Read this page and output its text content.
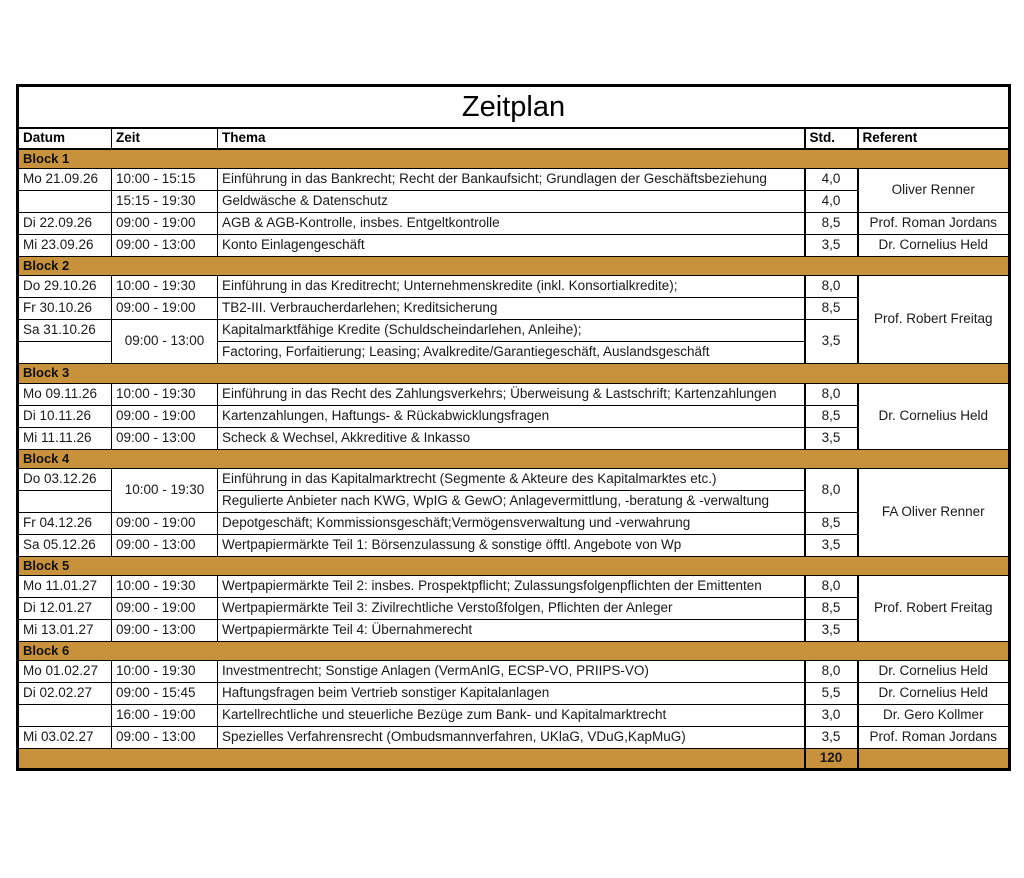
Zeitplan				
Datum	Zeit	Thema	Std.	Referent
Block 1				
Mo 21.09.26	10:00 - 15:15	Einführung in das Bankrecht; Recht der Bankaufsicht; Grundlagen der Geschäftsbeziehung	4,0	Oliver Renner
	15:15 - 19:30	Geldwäsche & Datenschutz	4,0	
Di 22.09.26	09:00 - 19:00	AGB & AGB-Kontrolle, insbes. Entgeltkontrolle	8,5	Prof. Roman Jordans
Mi 23.09.26	09:00 - 13:00	Konto Einlagengeschäft	3,5	Dr. Cornelius Held
Block 2				
Do 29.10.26	10:00 - 19:30	Einführung in das Kreditrecht; Unternehmenskredite (inkl. Konsortialkredite);	8,0	Prof. Robert Freitag
Fr 30.10.26	09:00 - 19:00	TB2-III. Verbraucherdarlehen; Kreditsicherung	8,5	
Sa 31.10.26	09:00 - 13:00	Kapitalmarktfähige Kredite (Schuldscheindarlehen, Anleihe);	3,5	
		Factoring, Forfaitierung; Leasing; Avalkredite/Garantiegeschäft, Auslandsgeschäft		
Block 3				
Mo 09.11.26	10:00 - 19:30	Einführung in das Recht des Zahlungsverkehrs; Überweisung & Lastschrift; Kartenzahlungen	8,0	Dr. Cornelius Held
Di 10.11.26	09:00 - 19:00	Kartenzahlungen, Haftungs- & Rückabwicklungsfragen	8,5	
Mi 11.11.26	09:00 - 13:00	Scheck & Wechsel, Akkreditive & Inkasso	3,5	
Block 4				
Do 03.12.26	10:00 - 19:30	Einführung in das Kapitalmarktrecht (Segmente & Akteure des Kapitalmarktes etc.)	8,0	FA Oliver Renner
		Regulierte Anbieter nach KWG, WpIG & GewO; Anlagevermittlung, -beratung & -verwaltung		
Fr 04.12.26	09:00 - 19:00	Depotgeschäft; Kommissionsgeschäft;Vermögensverwaltung und -verwahrung	8,5	
Sa 05.12.26	09:00 - 13:00	Wertpapiermärkte Teil 1: Börsenzulassung & sonstige öfftl. Angebote von Wp	3,5	
Block 5				
Mo 11.01.27	10:00 - 19:30	Wertpapiermärkte Teil 2: insbes. Prospektpflicht; Zulassungsfolgenpflichten der Emittenten	8,0	Prof. Robert Freitag
Di 12.01.27	09:00 - 19:00	Wertpapiermärkte Teil 3: Zivilrechtliche Verstoßfolgen, Pflichten der Anleger	8,5	
Mi 13.01.27	09:00 - 13:00	Wertpapiermärkte Teil 4: Übernahmerecht	3,5	
Block 6				
Mo 01.02.27	10:00 - 19:30	Investmentrecht; Sonstige Anlagen (VermAnlG, ECSP-VO, PRIIPS-VO)	8,0	Dr. Cornelius Held
Di 02.02.27	09:00 - 15:45	Haftungsfragen beim Vertrieb sonstiger Kapitalanlagen	5,5	Dr. Cornelius Held
	16:00 - 19:00	Kartellrechtliche und steuerliche Bezüge zum Bank- und Kapitalmarktrecht	3,0	Dr. Gero Kollmer
Mi 03.02.27	09:00 - 13:00	Spezielles Verfahrensrecht (Ombudsmannverfahren, UKlaG, VDuG,KapMuG)	3,5	Prof. Roman Jordans
			120	
